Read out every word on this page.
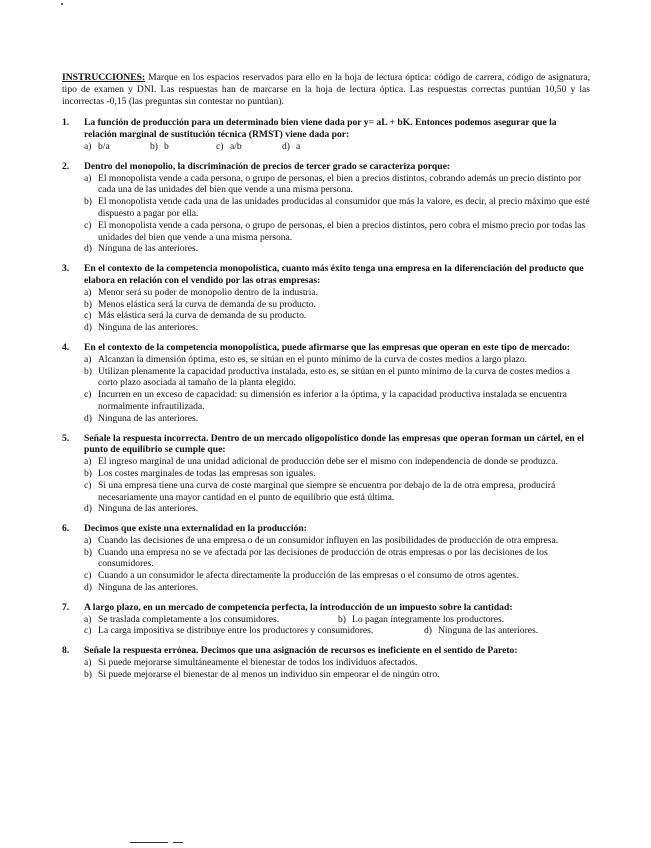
INSTRUCCIONES: Marque en los espacios reservados para ello en la hoja de lectura óptica: código de carrera, código de asignatura, tipo de examen y DNI. Las respuestas han de marcarse en la hoja de lectura óptica. Las respuestas correctas puntúan 10,50 y las incorrectas -0,15 (las preguntas sin contestar no puntúan).
1.	La función de producción para un determinado bien viene dada por y= aL + bK. Entonces podemos asegurar que la relación marginal de sustitución técnica (RMST) viene dada por:
a) b/a	b) b	c) a/b	d) a
2.	Dentro del monopolio, la discriminación de precios de tercer grado se caracteriza porque:
a) El monopolista vende a cada persona, o grupo de personas, el bien a precios distintos, cobrando además un precio distinto por cada una de las unidades del bien que vende a una misma persona.
b) El monopolista vende cada una de las unidades producidas al consumidor que más la valore, es decir, al precio máximo que esté dispuesto a pagar por ella.
c) El monopolista vende a cada persona, o grupo de personas, el bien a precios distintos, pero cobra el mismo precio por todas las unidades del bien que vende a una misma persona.
d) Ninguna de las anteriores.
3.	En el contexto de la competencia monopolística, cuanto más éxito tenga una empresa en la diferenciación del producto que elabora en relación con el vendido por las otras empresas:
a) Menor será su poder de monopolio dentro de la industria.
b) Menos elástica será la curva de demanda de su producto.
c) Más elástica será la curva de demanda de su producto.
d) Ninguna de las anteriores.
4.	En el contexto de la competencia monopolística, puede afirmarse que las empresas que operan en este tipo de mercado:
a) Alcanzan la dimensión óptima, esto es, se sitúan en el punto mínimo de la curva de costes medios a largo plazo.
b) Utilizan plenamente la capacidad productiva instalada, esto es, se sitúan en el punto mínimo de la curva de costes medios a corto plazo asociada al tamaño de la planta elegido.
c) Incurren en un exceso de capacidad: su dimensión es inferior a la óptima, y la capacidad productiva instalada se encuentra normalmente infrautilizada.
d) Ninguna de las anteriores.
5.	Señale la respuesta incorrecta. Dentro de un mercado oligopolístico donde las empresas que operan forman un cártel, en el punto de equilibrio se cumple que:
a) El ingreso marginal de una unidad adicional de producción debe ser el mismo con independencia de donde se produzca.
b) Los costes marginales de todas las empresas son iguales.
c) Si una empresa tiene una curva de coste marginal que siempre se encuentra por debajo de la de otra empresa, producirá necesariamente una mayor cantidad en el punto de equilibrio que está última.
d) Ninguna de las anteriores.
6.	Decimos que existe una externalidad en la producción:
a) Cuando las decisiones de una empresa o de un consumidor influyen en las posibilidades de producción de otra empresa.
b) Cuando una empresa no se ve afectada por las decisiones de producción de otras empresas o por las decisiones de los consumidores.
c) Cuando a un consumidor le afecta directamente la producción de las empresas o el consumo de otros agentes.
d) Ninguna de las anteriores.
7.	A largo plazo, en un mercado de competencia perfecta, la introducción de un impuesto sobre la cantidad:
a) Se traslada completamente a los consumidores.	b) Lo pagan íntegramente los productores.
c) La carga impositiva se distribuye entre los productores y consumidores.	d) Ninguna de las anteriores.
8.	Señale la respuesta errónea. Decimos que una asignación de recursos es ineficiente en el sentido de Pareto:
a) Si puede mejorarse simultáneamente el bienestar de todos los individuos afectados.
b) Si puede mejorarse el bienestar de al menos un individuo sin empeorar el de ningún otro.
